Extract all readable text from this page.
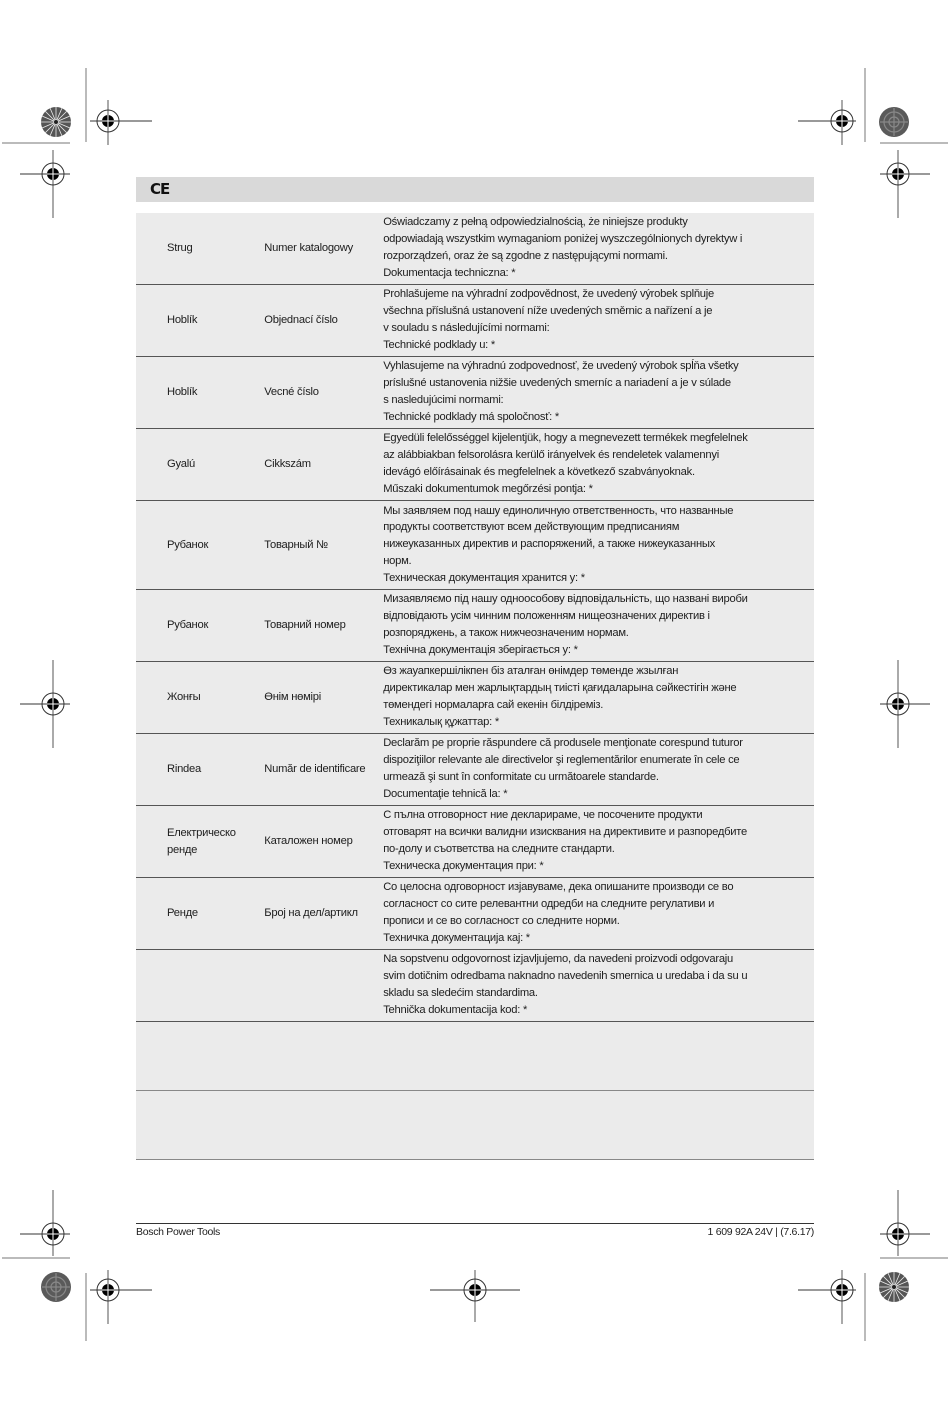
CE
Strug	Numer katalogowy	Oświadczamy z pełną odpowiedzialnością, że niniejsze produkty
odpowiadają wszystkim wymaganiom poniżej wyszczególnionych dyrektyw i
rozporządzeń, oraz że są zgodne z następującymi normami.
Dokumentacja techniczna: *

Hoblík	Objednací číslo	Prohlašujeme na výhradní zodpovědnost, že uvedený výrobek splňuje
všechna příslušná ustanovení níže uvedených směrnic a nařízení a je
v souladu s následujícími normami:
Technické podklady u: *

Hoblík	Vecné číslo	Vyhlasujeme na výhradnú zodpovednosť, že uvedený výrobok spĺňa všetky
príslušné ustanovenia nižšie uvedených smerníc a nariadení a je v súlade
s nasledujúcimi normami:
Technické podklady má spoločnosť: *

Gyalú	Cikkszám	Egyedüli felelősséggel kijelentjük, hogy a megnevezett termékek megfelelnek
az alábbiakban felsorolásra kerülő irányelvek és rendeletek valamennyi
idevágó előírásainak és megfelelnek a következő szabványoknak.
Műszaki dokumentumok megőrzési pontja: *

Рубанок	Товарный №	Мы заявляем под нашу единоличную ответственность, что названные
продукты соответствуют всем действующим предписаниям
нижеуказанных директив и распоряжений, а также нижеуказанных
норм.
Техническая документация хранится у: *

Рубанок	Товарний номер	Мизаявляємо під нашу одноособову відповідальність, що названі вироби
відповідають усім чинним положенням нищеозначених директив і
розпоряджень, а також нижчеозначеним нормам.
Технічна документація зберігається у: *

Жонғы	Өнім нөмірі	Өз жауапкершілікпен біз аталған өнімдер төменде жзылған
директикалар мен жарлықтардың тиісті қағидаларына сәйкестігін және
төмендегі нормаларға сай екенін білдіреміз.
Техникалық құжаттар: *

Rindea	Număr de identificare	Declarăm pe proprie răspundere că produsele menţionate corespund tuturor
dispoziţiilor relevante ale directivelor şi reglementărilor enumerate în cele ce
urmează şi sunt în conformitate cu următoarele standarde.
Documentaţie tehnică la: *

Електрическо ренде	Каталожен номер	С пълна отговорност ние декларираме, че посочените продукти
отговарят на всички валидни изисквания на директивите и разпоредбите
по-долу и съответства на следните стандарти.
Техническа документация при: *

Ренде	Број на дел/артикл	Со целосна одговорност изјавуваме, дека опишаните производи се во
согласност со сите релевантни одредби на следните регулативи и
прописи и се во согласност со следните норми.
Техничка документација кај: *

		Na sopstvenu odgovornost izjavljujemo, da navedeni proizvodi odgovaraju
svim dotičnim odredbama naknadno navedenih smernica u uredaba i da su u
skladu sa sledećim standardima.
Tehnička dokumentacija kod: *

Bosch Power Tools	1 609 92A 24V | (7.6.17)
